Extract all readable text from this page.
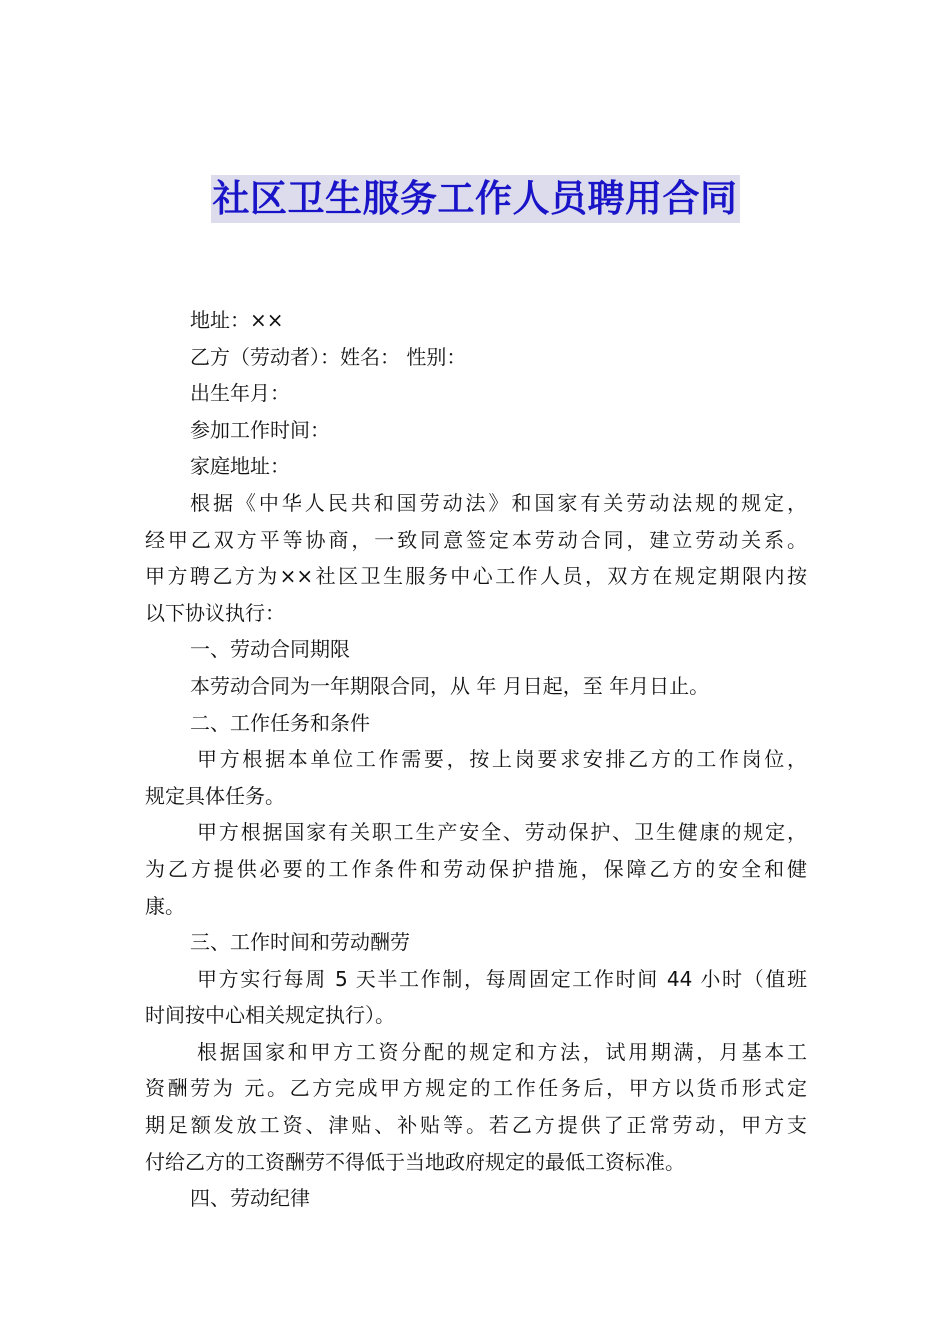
社区卫生服务工作人员聘用合同

地址：××

乙方（劳动者）：姓名： 性别：

出生年月：

参加工作时间：

家庭地址：

根据《中华人民共和国劳动法》和国家有关劳动法规的规定，

经甲乙双方平等协商，一致同意签定本劳动合同，建立劳动关系。

甲方聘乙方为××社区卫生服务中心工作人员，双方在规定期限内按

以下协议执行：

一、劳动合同期限

本劳动合同为一年期限合同，从 年 月日起，至 年月日止。

二、工作任务和条件

甲方根据本单位工作需要，按上岗要求安排乙方的工作岗位，

规定具体任务。

甲方根据国家有关职工生产安全、劳动保护、卫生健康的规定，

为乙方提供必要的工作条件和劳动保护措施，保障乙方的安全和健

康。

三、工作时间和劳动酬劳

甲方实行每周 5 天半工作制，每周固定工作时间 44 小时（值班

时间按中心相关规定执行）。

根据国家和甲方工资分配的规定和方法，试用期满，月基本工

资酬劳为 元。乙方完成甲方规定的工作任务后，甲方以货币形式定

期足额发放工资、津贴、补贴等。若乙方提供了正常劳动，甲方支

付给乙方的工资酬劳不得低于当地政府规定的最低工资标准。

四、劳动纪律
